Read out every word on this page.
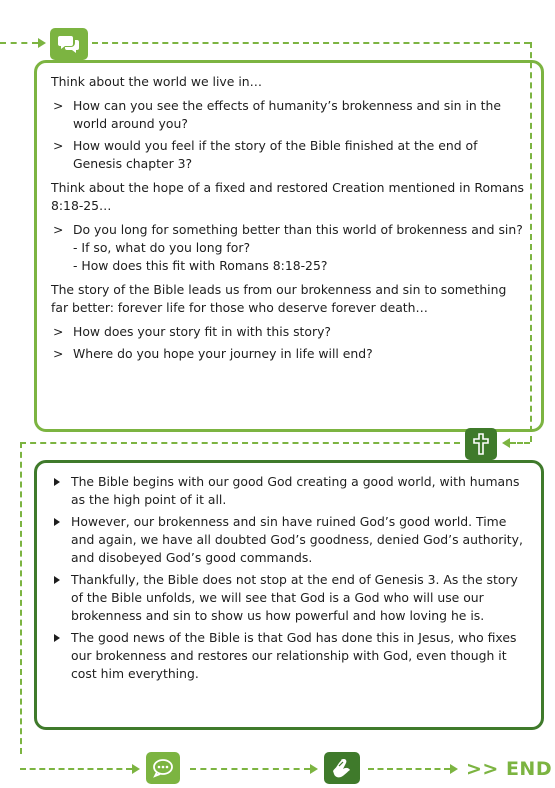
Think about the world we live in…

> How can you see the effects of humanity’s brokenness and sin in the world around you?
> How would you feel if the story of the Bible finished at the end of Genesis chapter 3?

Think about the hope of a fixed and restored Creation mentioned in Romans 8:18-25…

> Do you long for something better than this world of brokenness and sin?
- If so, what do you long for?
- How does this fit with Romans 8:18-25?

The story of the Bible leads us from our brokenness and sin to something far better: forever life for those who deserve forever death…

> How does your story fit in with this story?
> Where do you hope your journey in life will end?
The Bible begins with our good God creating a good world, with humans as the high point of it all.
However, our brokenness and sin have ruined God’s good world. Time and again, we have all doubted God’s goodness, denied God’s authority, and disobeyed God’s good commands.
Thankfully, the Bible does not stop at the end of Genesis 3. As the story of the Bible unfolds, we will see that God is a God who will use our brokenness and sin to show us how powerful and how loving he is.
The good news of the Bible is that God has done this in Jesus, who fixes our brokenness and restores our relationship with God, even though it cost him everything.
>> END
